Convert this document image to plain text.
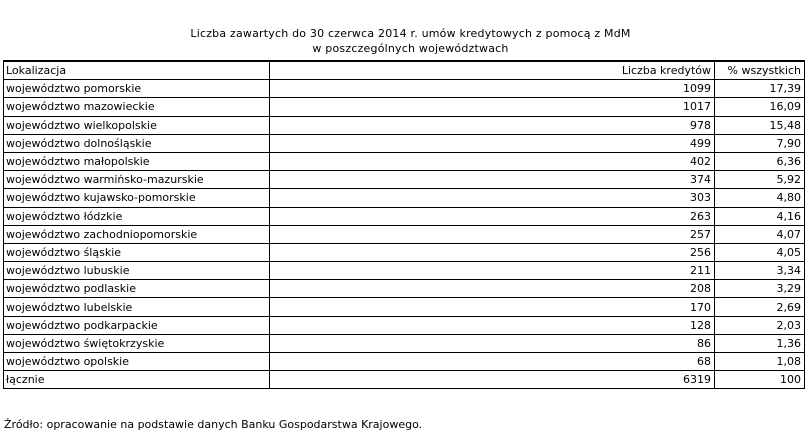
Liczba zawartych do 30 czerwca 2014 r. umów kredytowych z pomocą z MdM
w poszczególnych województwach
Lokalizacja	Liczba kredytów	% wszystkich
województwo pomorskie	1099	17,39
województwo mazowieckie	1017	16,09
województwo wielkopolskie	978	15,48
województwo dolnośląskie	499	7,90
województwo małopolskie	402	6,36
województwo warmińsko-mazurskie	374	5,92
województwo kujawsko-pomorskie	303	4,80
województwo łódzkie	263	4,16
województwo zachodniopomorskie	257	4,07
województwo śląskie	256	4,05
województwo lubuskie	211	3,34
województwo podlaskie	208	3,29
województwo lubelskie	170	2,69
województwo podkarpackie	128	2,03
województwo świętokrzyskie	86	1,36
województwo opolskie	68	1,08
łącznie	6319	100
Źródło: opracowanie na podstawie danych Banku Gospodarstwa Krajowego.
